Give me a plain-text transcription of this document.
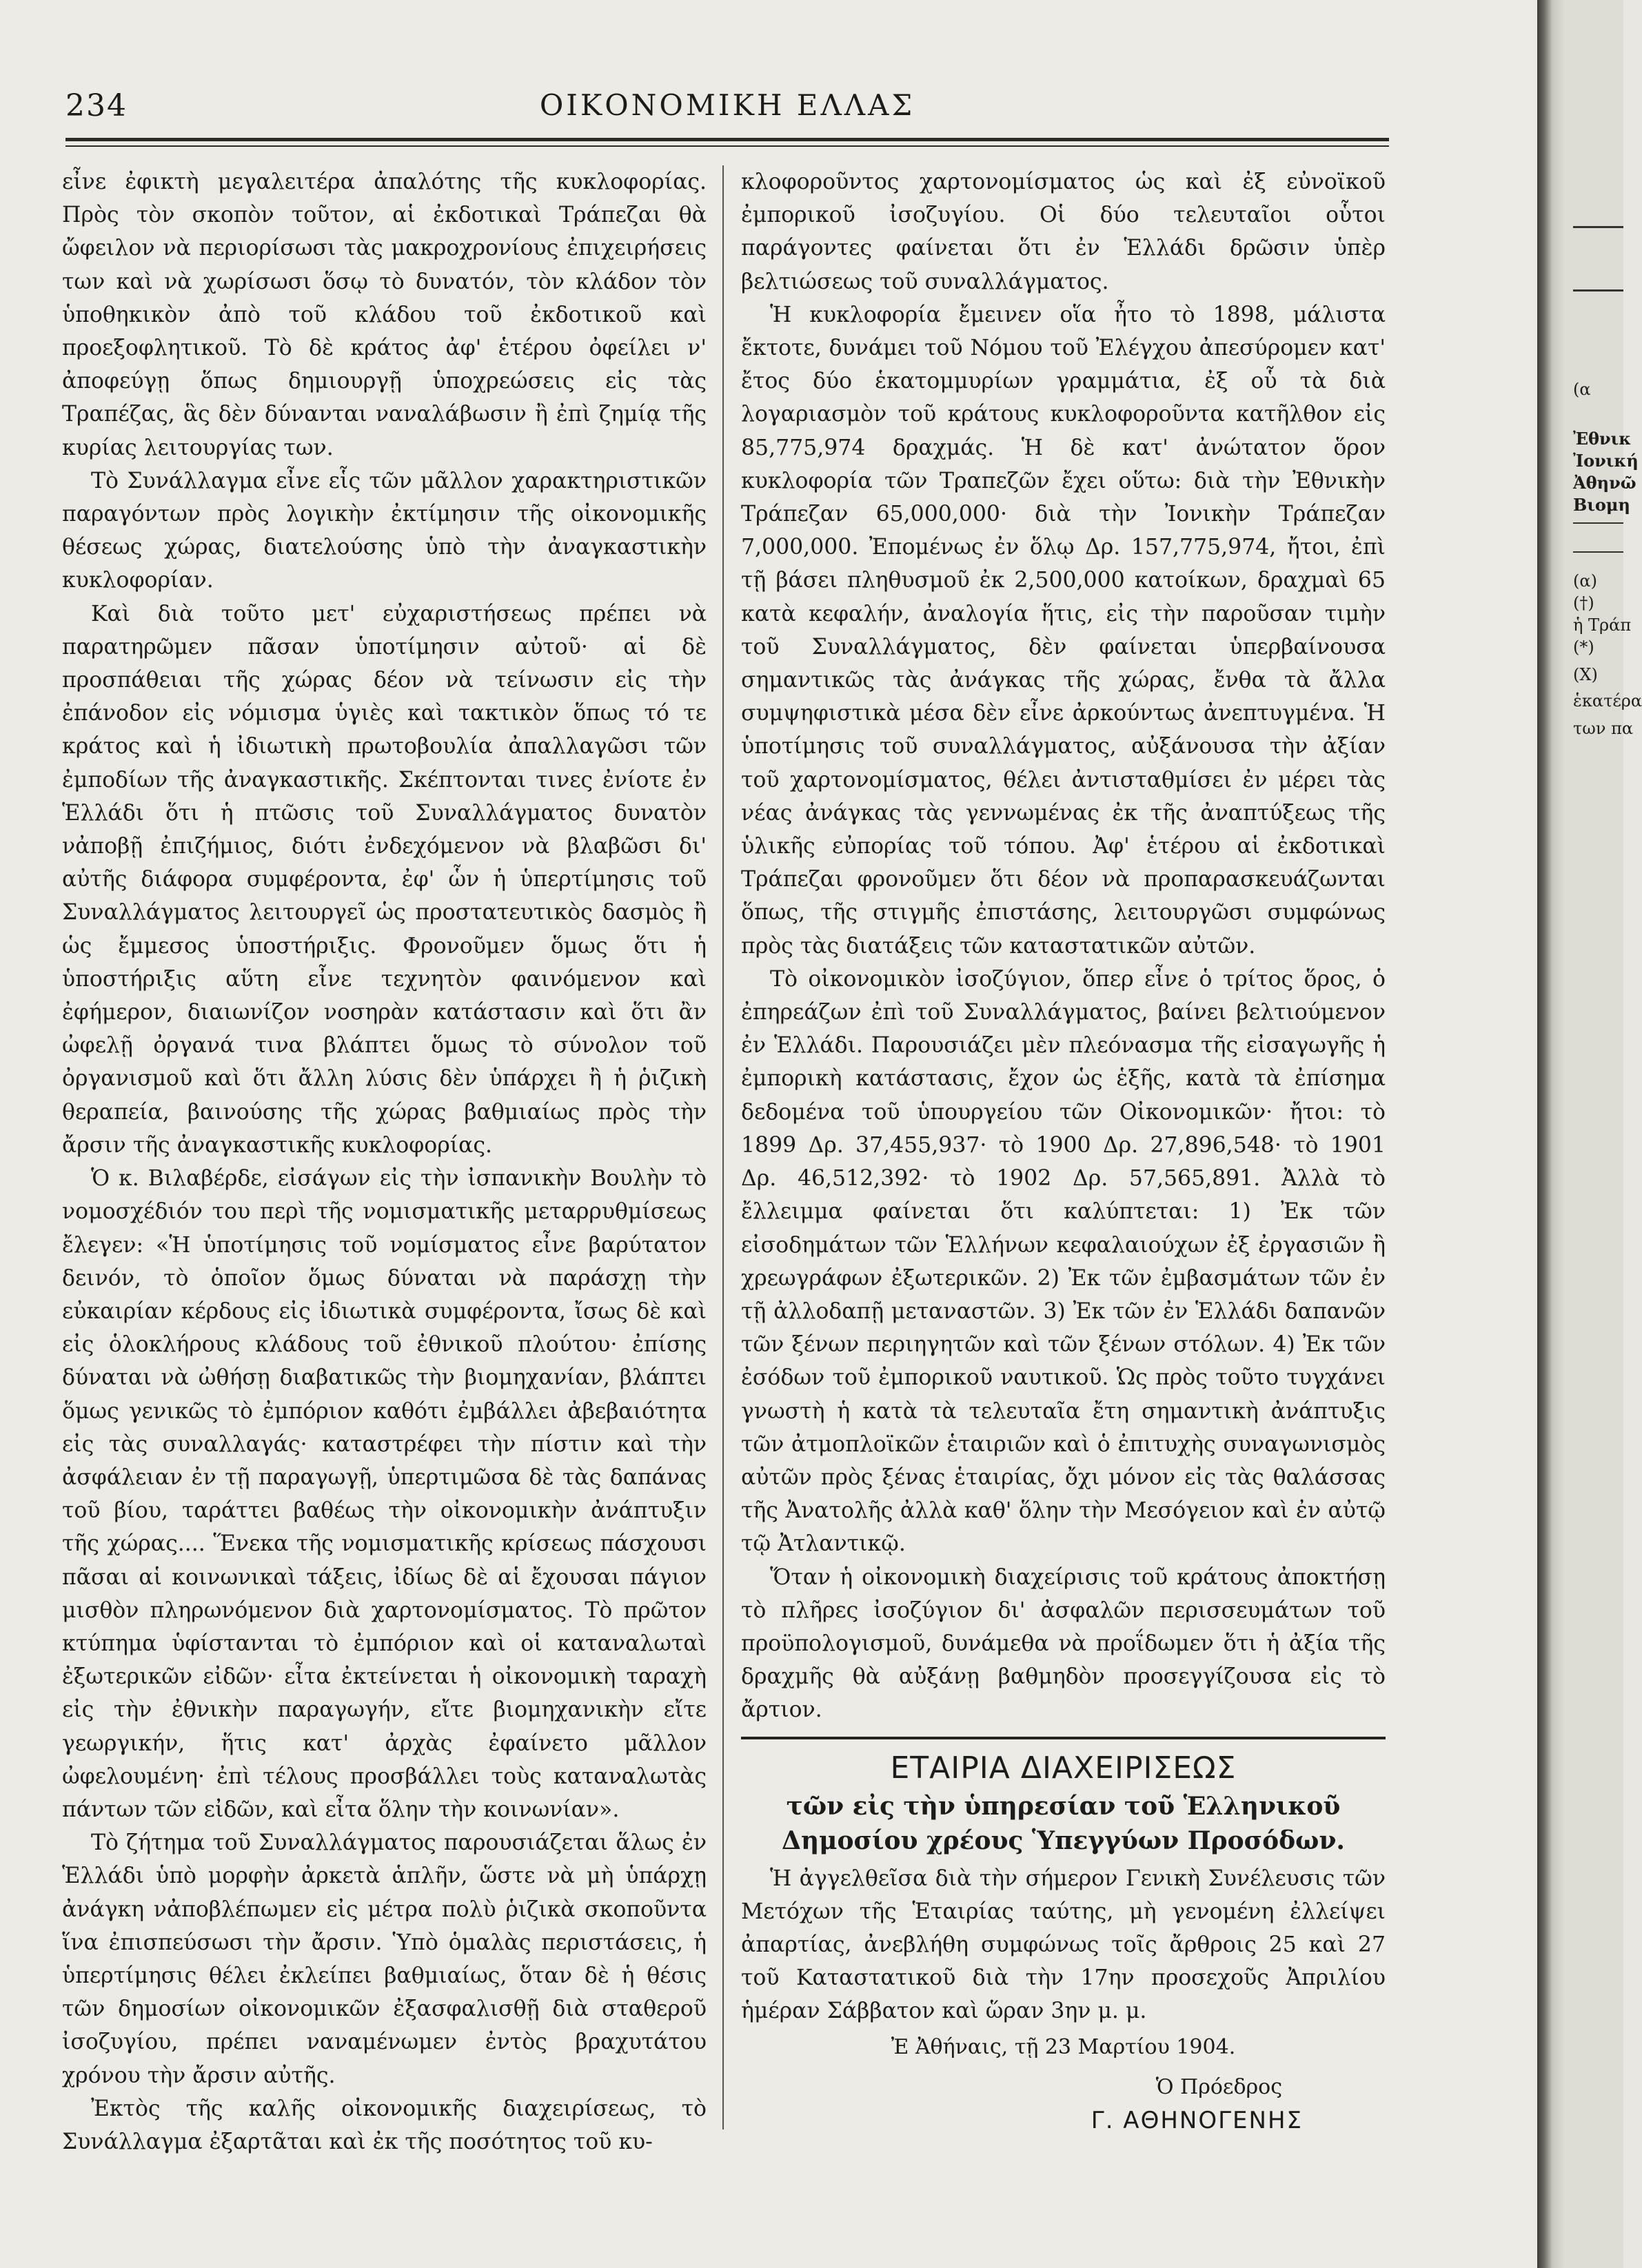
234	ΟΙΚΟΝΟΜΙΚΗ ΕΛΛΑΣ

εἶνε ἐφικτὴ μεγαλειτέρα ἀπαλότης τῆς κυκλοφορίας. Πρὸς τὸν σκοπὸν τοῦτον, αἱ ἐκδοτικαὶ Τράπεζαι θὰ ὤφειλον νὰ περιορίσωσι τὰς μακροχρονίους ἐπιχειρήσεις των καὶ νὰ χωρίσωσι ὅσῳ τὸ δυνατόν, τὸν κλάδον τὸν ὑποθηκικὸν ἀπὸ τοῦ κλάδου τοῦ ἐκδοτικοῦ καὶ προεξοφλητικοῦ. Τὸ δὲ κράτος ἀφ' ἑτέρου ὀφείλει ν' ἀποφεύγῃ ὅπως δημιουργῇ ὑποχρεώσεις εἰς τὰς Τραπέζας, ἃς δὲν δύνανται ναναλάβωσιν ἢ ἐπὶ ζημίᾳ τῆς κυρίας λειτουργίας των.

Τὸ Συνάλλαγμα εἶνε εἷς τῶν μᾶλλον χαρακτηριστικῶν παραγόντων πρὸς λογικὴν ἐκτίμησιν τῆς οἰκονομικῆς θέσεως χώρας, διατελούσης ὑπὸ τὴν ἀναγκαστικὴν κυκλοφορίαν.

Καὶ διὰ τοῦτο μετ' εὐχαριστήσεως πρέπει νὰ παρατηρῶμεν πᾶσαν ὑποτίμησιν αὐτοῦ· αἱ δὲ προσπάθειαι τῆς χώρας δέον νὰ τείνωσιν εἰς τὴν ἐπάνοδον εἰς νόμισμα ὑγιὲς καὶ τακτικὸν ὅπως τό τε κράτος καὶ ἡ ἰδιωτικὴ πρωτοβουλία ἀπαλλαγῶσι τῶν ἐμποδίων τῆς ἀναγκαστικῆς. Σκέπτονται τινες ἐνίοτε ἐν Ἑλλάδι ὅτι ἡ πτῶσις τοῦ Συναλλάγματος δυνατὸν νἀποβῇ ἐπιζήμιος, διότι ἐνδεχόμενον νὰ βλαβῶσι δι' αὐτῆς διάφορα συμφέροντα, ἐφ' ὧν ἡ ὑπερτίμησις τοῦ Συναλλάγματος λειτουργεῖ ὡς προστατευτικὸς δασμὸς ἢ ὡς ἔμμεσος ὑποστήριξις. Φρονοῦμεν ὅμως ὅτι ἡ ὑποστήριξις αὕτη εἶνε τεχνητὸν φαινόμενον καὶ ἐφήμερον, διαιωνίζον νοσηρὰν κατάστασιν καὶ ὅτι ἂν ὠφελῇ ὀργανά τινα βλάπτει ὅμως τὸ σύνολον τοῦ ὀργανισμοῦ καὶ ὅτι ἄλλη λύσις δὲν ὑπάρχει ἢ ἡ ῥιζικὴ θεραπεία, βαινούσης τῆς χώρας βαθμιαίως πρὸς τὴν ἄρσιν τῆς ἀναγκαστικῆς κυκλοφορίας.

Ὁ κ. Βιλαβέρδε, εἰσάγων εἰς τὴν ἰσπανικὴν Βουλὴν τὸ νομοσχέδιόν του περὶ τῆς νομισματικῆς μεταρρυθμίσεως ἔλεγεν: «Ἡ ὑποτίμησις τοῦ νομίσματος εἶνε βαρύτατον δεινόν, τὸ ὁποῖον ὅμως δύναται νὰ παράσχῃ τὴν εὐκαιρίαν κέρδους εἰς ἰδιωτικὰ συμφέροντα, ἴσως δὲ καὶ εἰς ὁλοκλήρους κλάδους τοῦ ἐθνικοῦ πλούτου· ἐπίσης δύναται νὰ ὠθήσῃ διαβατικῶς τὴν βιομηχανίαν, βλάπτει ὅμως γενικῶς τὸ ἐμπόριον καθότι ἐμβάλλει ἀβεβαιότητα εἰς τὰς συναλλαγάς· καταστρέφει τὴν πίστιν καὶ τὴν ἀσφάλειαν ἐν τῇ παραγωγῇ, ὑπερτιμῶσα δὲ τὰς δαπάνας τοῦ βίου, ταράττει βαθέως τὴν οἰκονομικὴν ἀνάπτυξιν τῆς χώρας.... Ἕνεκα τῆς νομισματικῆς κρίσεως πάσχουσι πᾶσαι αἱ κοινωνικαὶ τάξεις, ἰδίως δὲ αἱ ἔχουσαι πάγιον μισθὸν πληρωνόμενον διὰ χαρτονομίσματος. Τὸ πρῶτον κτύπημα ὑφίστανται τὸ ἐμπόριον καὶ οἱ καταναλωταὶ ἐξωτερικῶν εἰδῶν· εἶτα ἐκτείνεται ἡ οἰκονομικὴ ταραχὴ εἰς τὴν ἐθνικὴν παραγωγήν, εἴτε βιομηχανικὴν εἴτε γεωργικήν, ἥτις κατ' ἀρχὰς ἐφαίνετο μᾶλλον ὠφελουμένη· ἐπὶ τέλους προσβάλλει τοὺς καταναλωτὰς πάντων τῶν εἰδῶν, καὶ εἶτα ὅλην τὴν κοινωνίαν».

Τὸ ζήτημα τοῦ Συναλλάγματος παρουσιάζεται ἅλως ἐν Ἑλλάδι ὑπὸ μορφὴν ἀρκετὰ ἁπλῆν, ὥστε νὰ μὴ ὑπάρχῃ ἀνάγκη νἀποβλέπωμεν εἰς μέτρα πολὺ ῥιζικὰ σκοποῦντα ἵνα ἐπισπεύσωσι τὴν ἄρσιν. Ὑπὸ ὁμαλὰς περιστάσεις, ἡ ὑπερτίμησις θέλει ἐκλείπει βαθμιαίως, ὅταν δὲ ἡ θέσις τῶν δημοσίων οἰκονομικῶν ἐξασφαλισθῇ διὰ σταθεροῦ ἰσοζυγίου, πρέπει ναναμένωμεν ἐντὸς βραχυτάτου χρόνου τὴν ἄρσιν αὐτῆς.

Ἐκτὸς τῆς καλῆς οἰκονομικῆς διαχειρίσεως, τὸ Συνάλλαγμα ἐξαρτᾶται καὶ ἐκ τῆς ποσότητος τοῦ κυ-

κλοφοροῦντος χαρτονομίσματος ὡς καὶ ἐξ εὐνοϊκοῦ ἐμπορικοῦ ἰσοζυγίου. Οἱ δύο τελευταῖοι οὗτοι παράγοντες φαίνεται ὅτι ἐν Ἑλλάδι δρῶσιν ὑπὲρ βελτιώσεως τοῦ συναλλάγματος.

Ἡ κυκλοφορία ἔμεινεν οἵα ἦτο τὸ 1898, μάλιστα ἔκτοτε, δυνάμει τοῦ Νόμου τοῦ Ἐλέγχου ἀπεσύρομεν κατ' ἔτος δύο ἑκατομμυρίων γραμμάτια, ἐξ οὗ τὰ διὰ λογαριασμὸν τοῦ κράτους κυκλοφοροῦντα κατῆλθον εἰς 85,775,974 δραχμάς. Ἡ δὲ κατ' ἀνώτατον ὅρον κυκλοφορία τῶν Τραπεζῶν ἔχει οὕτω: διὰ τὴν Ἐθνικὴν Τράπεζαν 65,000,000· διὰ τὴν Ἰονικὴν Τράπεζαν 7,000,000. Ἐπομένως ἐν ὅλῳ Δρ. 157,775,974, ἤτοι, ἐπὶ τῇ βάσει πληθυσμοῦ ἐκ 2,500,000 κατοίκων, δραχμαὶ 65 κατὰ κεφαλήν, ἀναλογία ἥτις, εἰς τὴν παροῦσαν τιμὴν τοῦ Συναλλάγματος, δὲν φαίνεται ὑπερβαίνουσα σημαντικῶς τὰς ἀνάγκας τῆς χώρας, ἔνθα τὰ ἄλλα συμψηφιστικὰ μέσα δὲν εἶνε ἀρκούντως ἀνεπτυγμένα. Ἡ ὑποτίμησις τοῦ συναλλάγματος, αὐξάνουσα τὴν ἀξίαν τοῦ χαρτονομίσματος, θέλει ἀντισταθμίσει ἐν μέρει τὰς νέας ἀνάγκας τὰς γεννωμένας ἐκ τῆς ἀναπτύξεως τῆς ὑλικῆς εὐπορίας τοῦ τόπου. Ἀφ' ἑτέρου αἱ ἐκδοτικαὶ Τράπεζαι φρονοῦμεν ὅτι δέον νὰ προπαρασκευάζωνται ὅπως, τῆς στιγμῆς ἐπιστάσης, λειτουργῶσι συμφώνως πρὸς τὰς διατάξεις τῶν καταστατικῶν αὐτῶν.

Τὸ οἰκονομικὸν ἰσοζύγιον, ὅπερ εἶνε ὁ τρίτος ὅρος, ὁ ἐπηρεάζων ἐπὶ τοῦ Συναλλάγματος, βαίνει βελτιούμενον ἐν Ἑλλάδι. Παρουσιάζει μὲν πλεόνασμα τῆς εἰσαγωγῆς ἡ ἐμπορικὴ κατάστασις, ἔχον ὡς ἑξῆς, κατὰ τὰ ἐπίσημα δεδομένα τοῦ ὑπουργείου τῶν Οἰκονομικῶν· ἤτοι: τὸ 1899 Δρ. 37,455,937· τὸ 1900 Δρ. 27,896,548· τὸ 1901 Δρ. 46,512,392· τὸ 1902 Δρ. 57,565,891. Ἀλλὰ τὸ ἔλλειμμα φαίνεται ὅτι καλύπτεται: 1) Ἐκ τῶν εἰσοδημάτων τῶν Ἑλλήνων κεφαλαιούχων ἐξ ἐργασιῶν ἢ χρεωγράφων ἐξωτερικῶν. 2) Ἐκ τῶν ἐμβασμάτων τῶν ἐν τῇ ἀλλοδαπῇ μεταναστῶν. 3) Ἐκ τῶν ἐν Ἑλλάδι δαπανῶν τῶν ξένων περιηγητῶν καὶ τῶν ξένων στόλων. 4) Ἐκ τῶν ἐσόδων τοῦ ἐμπορικοῦ ναυτικοῦ. Ὡς πρὸς τοῦτο τυγχάνει γνωστὴ ἡ κατὰ τὰ τελευταῖα ἔτη σημαντικὴ ἀνάπτυξις τῶν ἀτμοπλοϊκῶν ἑταιριῶν καὶ ὁ ἐπιτυχὴς συναγωνισμὸς αὐτῶν πρὸς ξένας ἑταιρίας, ὄχι μόνον εἰς τὰς θαλάσσας τῆς Ἀνατολῆς ἀλλὰ καθ' ὅλην τὴν Μεσόγειον καὶ ἐν αὐτῷ τῷ Ἀτλαντικῷ.

Ὅταν ἡ οἰκονομικὴ διαχείρισις τοῦ κράτους ἀποκτήσῃ τὸ πλῆρες ἰσοζύγιον δι' ἀσφαλῶν περισσευμάτων τοῦ προϋπολογισμοῦ, δυνάμεθα νὰ προΐδωμεν ὅτι ἡ ἀξία τῆς δραχμῆς θὰ αὐξάνῃ βαθμηδὸν προσεγγίζουσα εἰς τὸ ἄρτιον.

ΕΤΑΙΡΙΑ ΔΙΑΧΕΙΡΙΣΕΩΣ
τῶν εἰς τὴν ὑπηρεσίαν τοῦ Ἑλληνικοῦ Δημοσίου χρέους Ὑπεγγύων Προσόδων.

Ἡ ἀγγελθεῖσα διὰ τὴν σήμερον Γενικὴ Συνέλευσις τῶν Μετόχων τῆς Ἑταιρίας ταύτης, μὴ γενομένη ἐλλείψει ἀπαρτίας, ἀνεβλήθη συμφώνως τοῖς ἄρθροις 25 καὶ 27 τοῦ Καταστατικοῦ διὰ τὴν 17ην προσεχοῦς Ἀπριλίου ἡμέραν Σάββατον καὶ ὥραν 3ην μ. μ.

Ἐ Ἀθήναις, τῇ 23 Μαρτίου 1904.
Ὁ Πρόεδρος
Γ. ΑΘΗΝΟΓΕΝΗΣ
(α
Ἐθνικ
Ἰονική
Ἀθηνῶ
Βιομη
(α)
(†)
ἡ Τράπ
(*)
(Χ)
ἑκατέρα
των πα
